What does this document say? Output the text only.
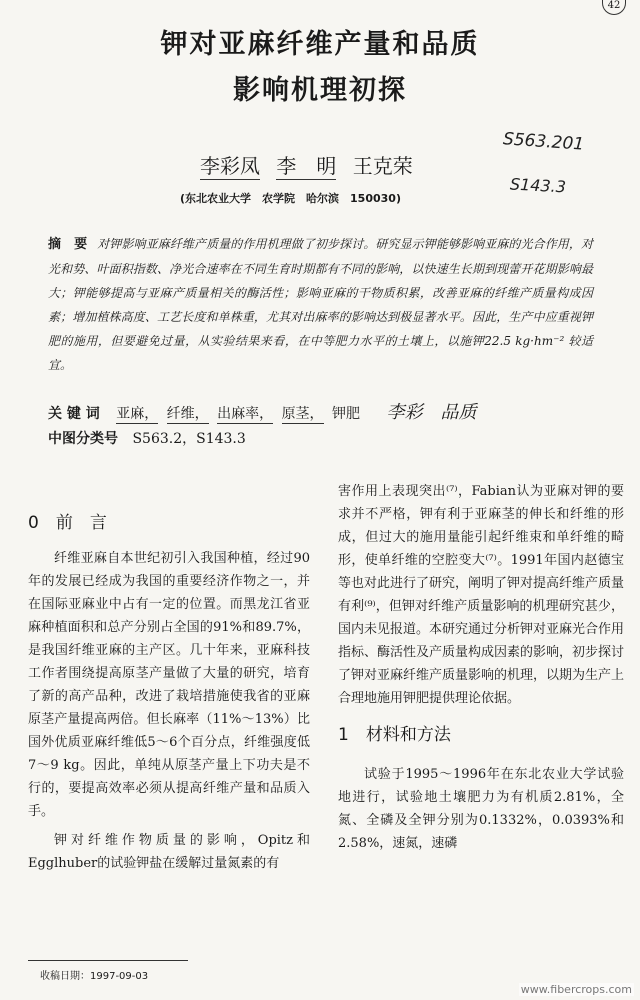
42
钾对亚麻纤维产量和品质
影响机理初探
S563.201
S143.3
李彩凤 李　明 王克荣
(东北农业大学　农学院　哈尔滨　150030)
摘　要 对钾影响亚麻纤维产质量的作用机理做了初步探讨。研究显示钾能够影响亚麻的光合作用，对光和势、叶面积指数、净光合速率在不同生育时期都有不同的影响，以快速生长期到现蕾开花期影响最大；钾能够提高与亚麻产质量相关的酶活性；影响亚麻的干物质积累，改善亚麻的纤维产质量构成因素；增加植株高度、工艺长度和单株重，尤其对出麻率的影响达到极显著水平。因此，生产中应重视钾肥的施用，但要避免过量，从实验结果来看，在中等肥力水平的土壤上，以施钾22.5 kg·hm⁻² 较适宜。
关 键 词 亚麻， 纤维， 出麻率， 原茎， 钾肥 李彩　品质
中图分类号 S563.2，S143.3
0　前　言

纤维亚麻自本世纪初引入我国种植，经过90年的发展已经成为我国的重要经济作物之一，并在国际亚麻业中占有一定的位置。而黑龙江省亚麻种植面积和总产分别占全国的91%和89.7%，是我国纤维亚麻的主产区。几十年来，亚麻科技工作者围绕提高原茎产量做了大量的研究，培育了新的高产品种，改进了栽培措施使我省的亚麻原茎产量提高两倍。但长麻率（11%～13%）比国外优质亚麻纤维低5～6个百分点，纤维强度低7～9 kg。因此，单纯从原茎产量上下功夫是不行的，要提高效率必须从提高纤维产量和品质入手。

钾对纤维作物质量的影响，Opitz和Egglhuber的试验钾盐在缓解过量氮素的有

害作用上表现突出⁽⁷⁾，Fabian认为亚麻对钾的要求并不严格，钾有利于亚麻茎的伸长和纤维的形成，但过大的施用量能引起纤维束和单纤维的畸形，使单纤维的空腔变大⁽⁷⁾。1991年国内赵德宝等也对此进行了研究，阐明了钾对提高纤维产质量有利⁽⁹⁾，但钾对纤维产质量影响的机理研究甚少，国内未见报道。本研究通过分析钾对亚麻光合作用指标、酶活性及产质量构成因素的影响，初步探讨了钾对亚麻纤维产质量影响的机理，以期为生产上合理地施用钾肥提供理论依据。

1　材料和方法

试验于1995～1996年在东北农业大学试验地进行，试验地土壤肥力为有机质2.81%，全氮、全磷及全钾分别为0.1332%，0.0393%和2.58%，速氮，速磷

收稿日期：1997-09-03
www.fibercrops.com
